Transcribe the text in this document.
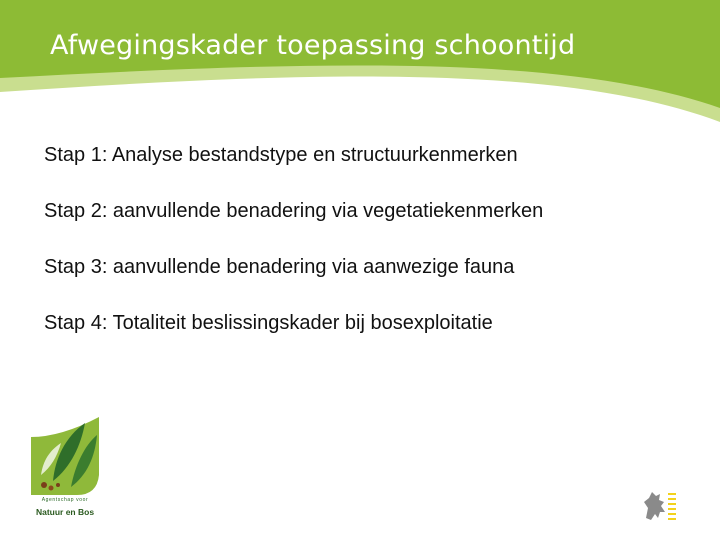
Afwegingskader toepassing schoontijd
Stap 1: Analyse bestandstype en structuurkenmerken
Stap 2: aanvullende benadering via vegetatiekenmerken
Stap 3: aanvullende benadering via aanwezige fauna
Stap 4: Totaliteit beslissingskader bij bosexploitatie
Agentschap voor
Natuur en Bos
